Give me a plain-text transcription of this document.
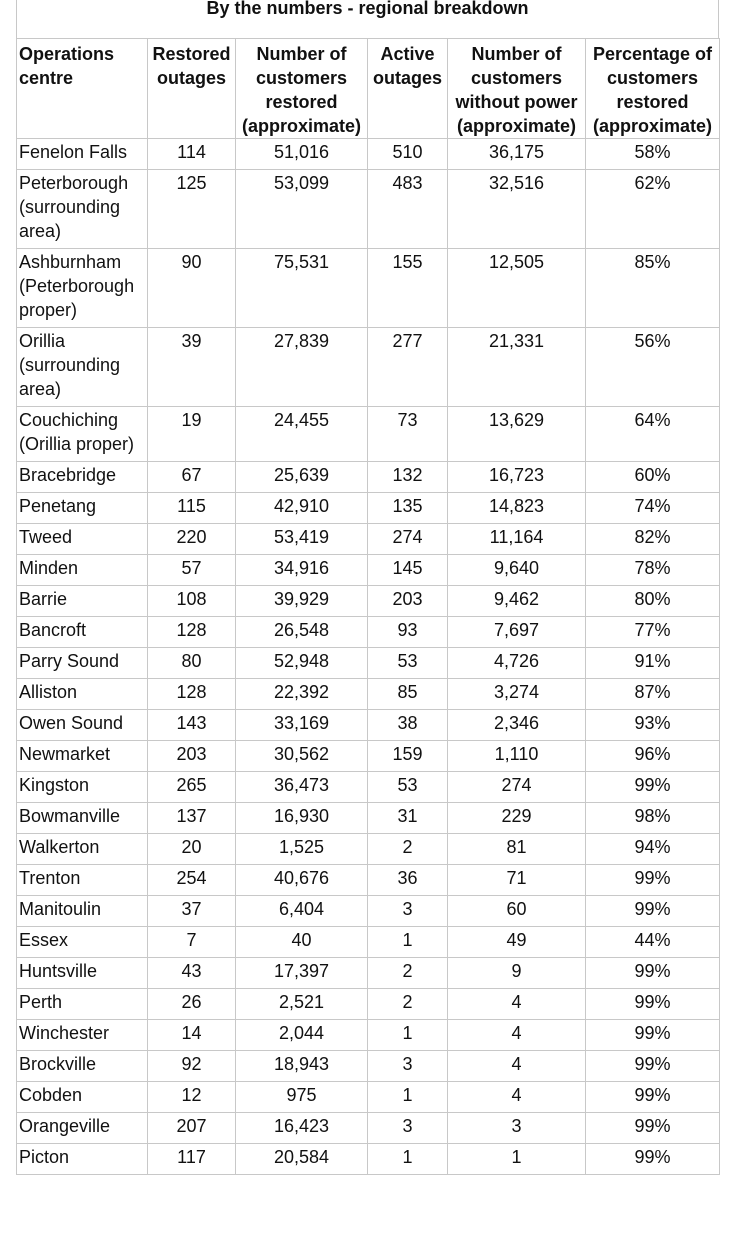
By the numbers - regional breakdown
Operations centre	Restored outages	Number of customers restored (approximate)	Active outages	Number of customers without power (approximate)	Percentage of customers restored (approximate)
Fenelon Falls	114	51,016	510	36,175	58%
Peterborough (surrounding area)	125	53,099	483	32,516	62%
Ashburnham (Peterborough proper)	90	75,531	155	12,505	85%
Orillia (surrounding area)	39	27,839	277	21,331	56%
Couchiching (Orillia proper)	19	24,455	73	13,629	64%
Bracebridge	67	25,639	132	16,723	60%
Penetang	115	42,910	135	14,823	74%
Tweed	220	53,419	274	11,164	82%
Minden	57	34,916	145	9,640	78%
Barrie	108	39,929	203	9,462	80%
Bancroft	128	26,548	93	7,697	77%
Parry Sound	80	52,948	53	4,726	91%
Alliston	128	22,392	85	3,274	87%
Owen Sound	143	33,169	38	2,346	93%
Newmarket	203	30,562	159	1,110	96%
Kingston	265	36,473	53	274	99%
Bowmanville	137	16,930	31	229	98%
Walkerton	20	1,525	2	81	94%
Trenton	254	40,676	36	71	99%
Manitoulin	37	6,404	3	60	99%
Essex	7	40	1	49	44%
Huntsville	43	17,397	2	9	99%
Perth	26	2,521	2	4	99%
Winchester	14	2,044	1	4	99%
Brockville	92	18,943	3	4	99%
Cobden	12	975	1	4	99%
Orangeville	207	16,423	3	3	99%
Picton	117	20,584	1	1	99%
